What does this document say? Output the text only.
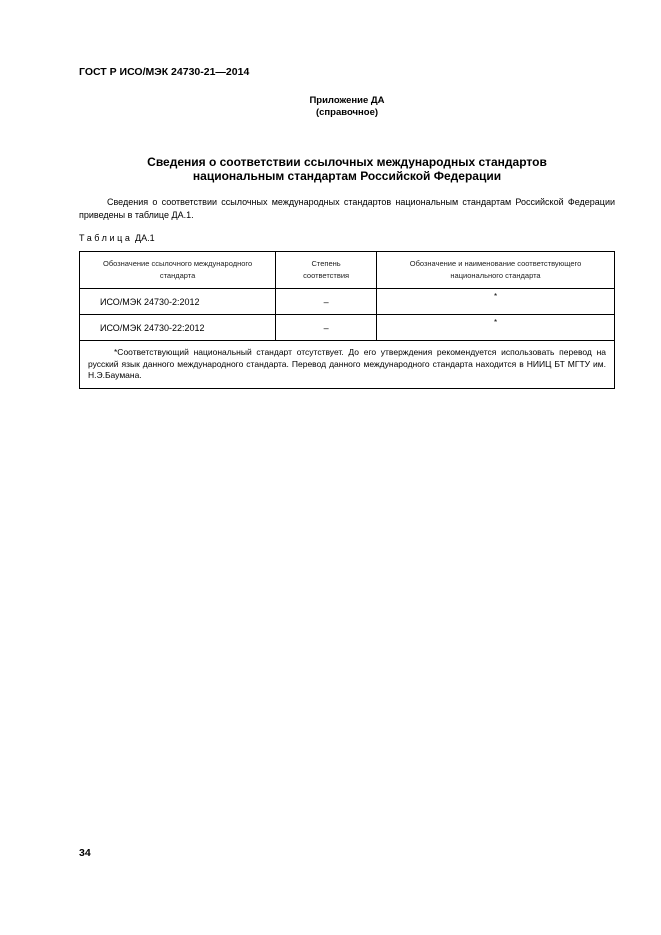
ГОСТ Р ИСО/МЭК 24730-21—2014
Приложение ДА
(справочное)
Сведения о соответствии ссылочных международных стандартов
национальным стандартам Российской Федерации

Сведения о соответствии ссылочных международных стандартов национальным стандартам Российской Федерации приведены в таблице ДА.1.

Таблица ДА.1
Обозначение ссылочного международного стандарта	Степень соответствия	Обозначение и наименование соответствующего национального стандарта

ИСО/МЭК 24730-2:2012	–	*
ИСО/МЭК 24730-22:2012	–	*

*Соответствующий национальный стандарт отсутствует. До его утверждения рекомендуется использовать перевод на русский язык данного международного стандарта. Перевод данного международного стандарта находится в НИИЦ БТ МГТУ им. Н.Э.Баумана.		
34
